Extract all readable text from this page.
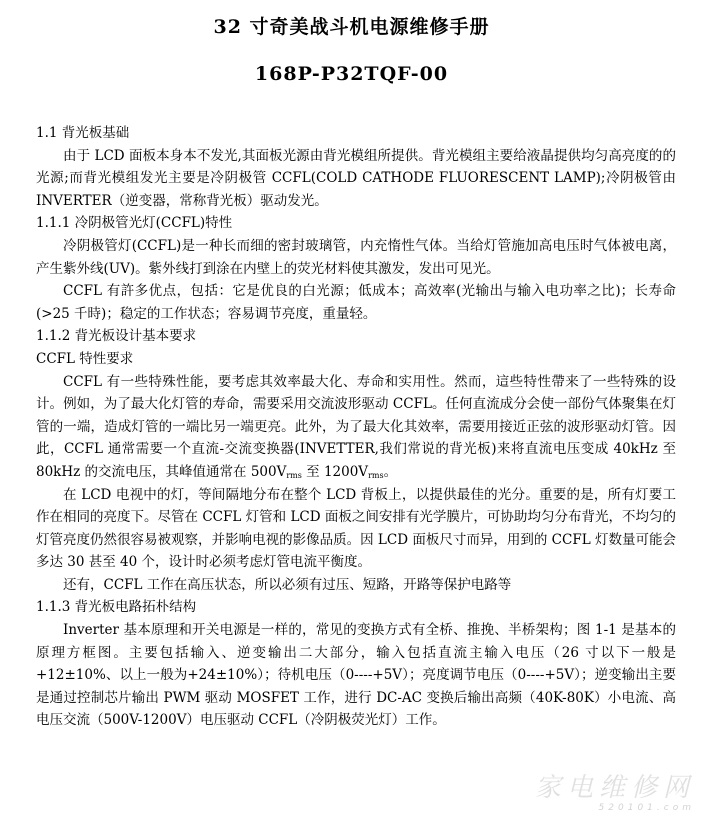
32 寸奇美战斗机电源维修手册
168P-P32TQF-00

1.1 背光板基础

由于 LCD 面板本身本不发光,其面板光源由背光模组所提供。背光模组主要给液晶提供均匀高亮度的的光源;而背光模组发光主要是冷阴极管 CCFL(COLD CATHODE FLUORESCENT LAMP);冷阴极管由 INVERTER（逆变器，常称背光板）驱动发光。

1.1.1 冷阴极管光灯(CCFL)特性

冷阴极管灯(CCFL)是一种长而细的密封玻璃管，内充惰性气体。当给灯管施加高电压时气体被电离，产生紫外线(UV)。紫外线打到涂在内壁上的荧光材料使其激发，发出可见光。

CCFL 有許多优点，包括：它是优良的白光源；低成本；高效率(光输出与输入电功率之比)；长寿命(>25 千時)；稳定的工作状态；容易调节亮度，重量轻。

1.1.2 背光板设计基本要求

CCFL 特性要求

CCFL 有一些特殊性能，要考虑其效率最大化、寿命和实用性。然而，這些特性帶来了一些特殊的设计。例如，为了最大化灯管的寿命，需要采用交流波形驱动 CCFL。任何直流成分会使一部份气体聚集在灯管的一端，造成灯管的一端比另一端更亮。此外，为了最大化其效率，需要用接近正弦的波形驱动灯管。因此，CCFL 通常需要一个直流-交流变换器(INVETTER,我们常说的背光板)来将直流电压变成 40kHz 至 80kHz 的交流电压，其峰值通常在 $500V_{rms}$ 至 $1200V_{rms}$。

在 LCD 电视中的灯，等间隔地分布在整个 LCD 背板上，以提供最佳的光分。重要的是，所有灯要工作在相同的亮度下。尽管在 CCFL 灯管和 LCD 面板之间安排有光学膜片，可协助均匀分布背光，不均匀的灯管亮度仍然很容易被观察，并影响电视的影像品质。因 LCD 面板尺寸而异，用到的 CCFL 灯数量可能会多达 30 甚至 40 个，设计时必须考虑灯管电流平衡度。

还有，CCFL 工作在高压状态，所以必须有过压、短路，开路等保护电路等

1.1.3 背光板电路拓朴结构

Inverter 基本原理和开关电源是一样的，常见的变换方式有全桥、推挽、半桥架构；图 1-1 是基本的原理方框图。主要包括输入、逆变输出二大部分，输入包括直流主输入电压（26 寸以下一般是+12±10%、以上一般为+24±10%）；待机电压（0----+5V）；亮度调节电压（0----+5V）；逆变输出主要是通过控制芯片输出 PWM 驱动 MOSFET 工作，进行 DC-AC 变换后输出高频（40K-80K）小电流、高电压交流（500V-1200V）电压驱动 CCFL（冷阴极荧光灯）工作。

家电维修网
520101.com
